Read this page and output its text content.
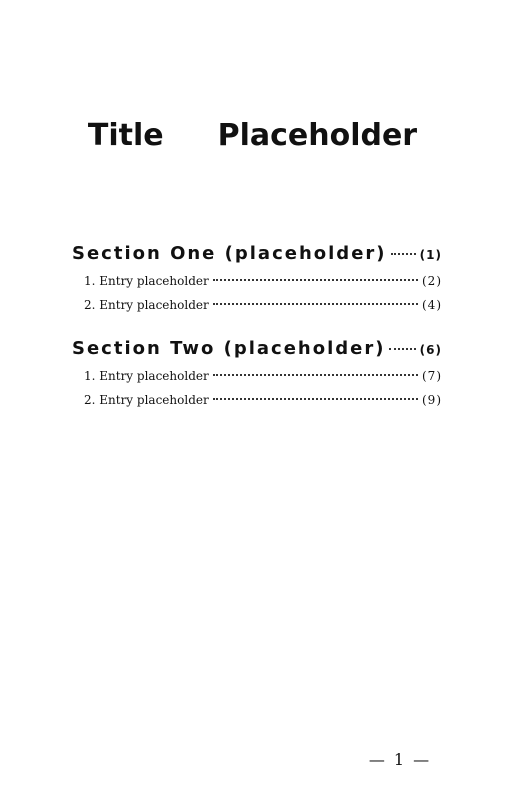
Title Placeholder
Section One (placeholder)	(1)
1. Entry placeholder	(2)
2. Entry placeholder	(4)
Section Two (placeholder)	(6)
1. Entry placeholder	(7)
2. Entry placeholder	(9)
— 1 —
